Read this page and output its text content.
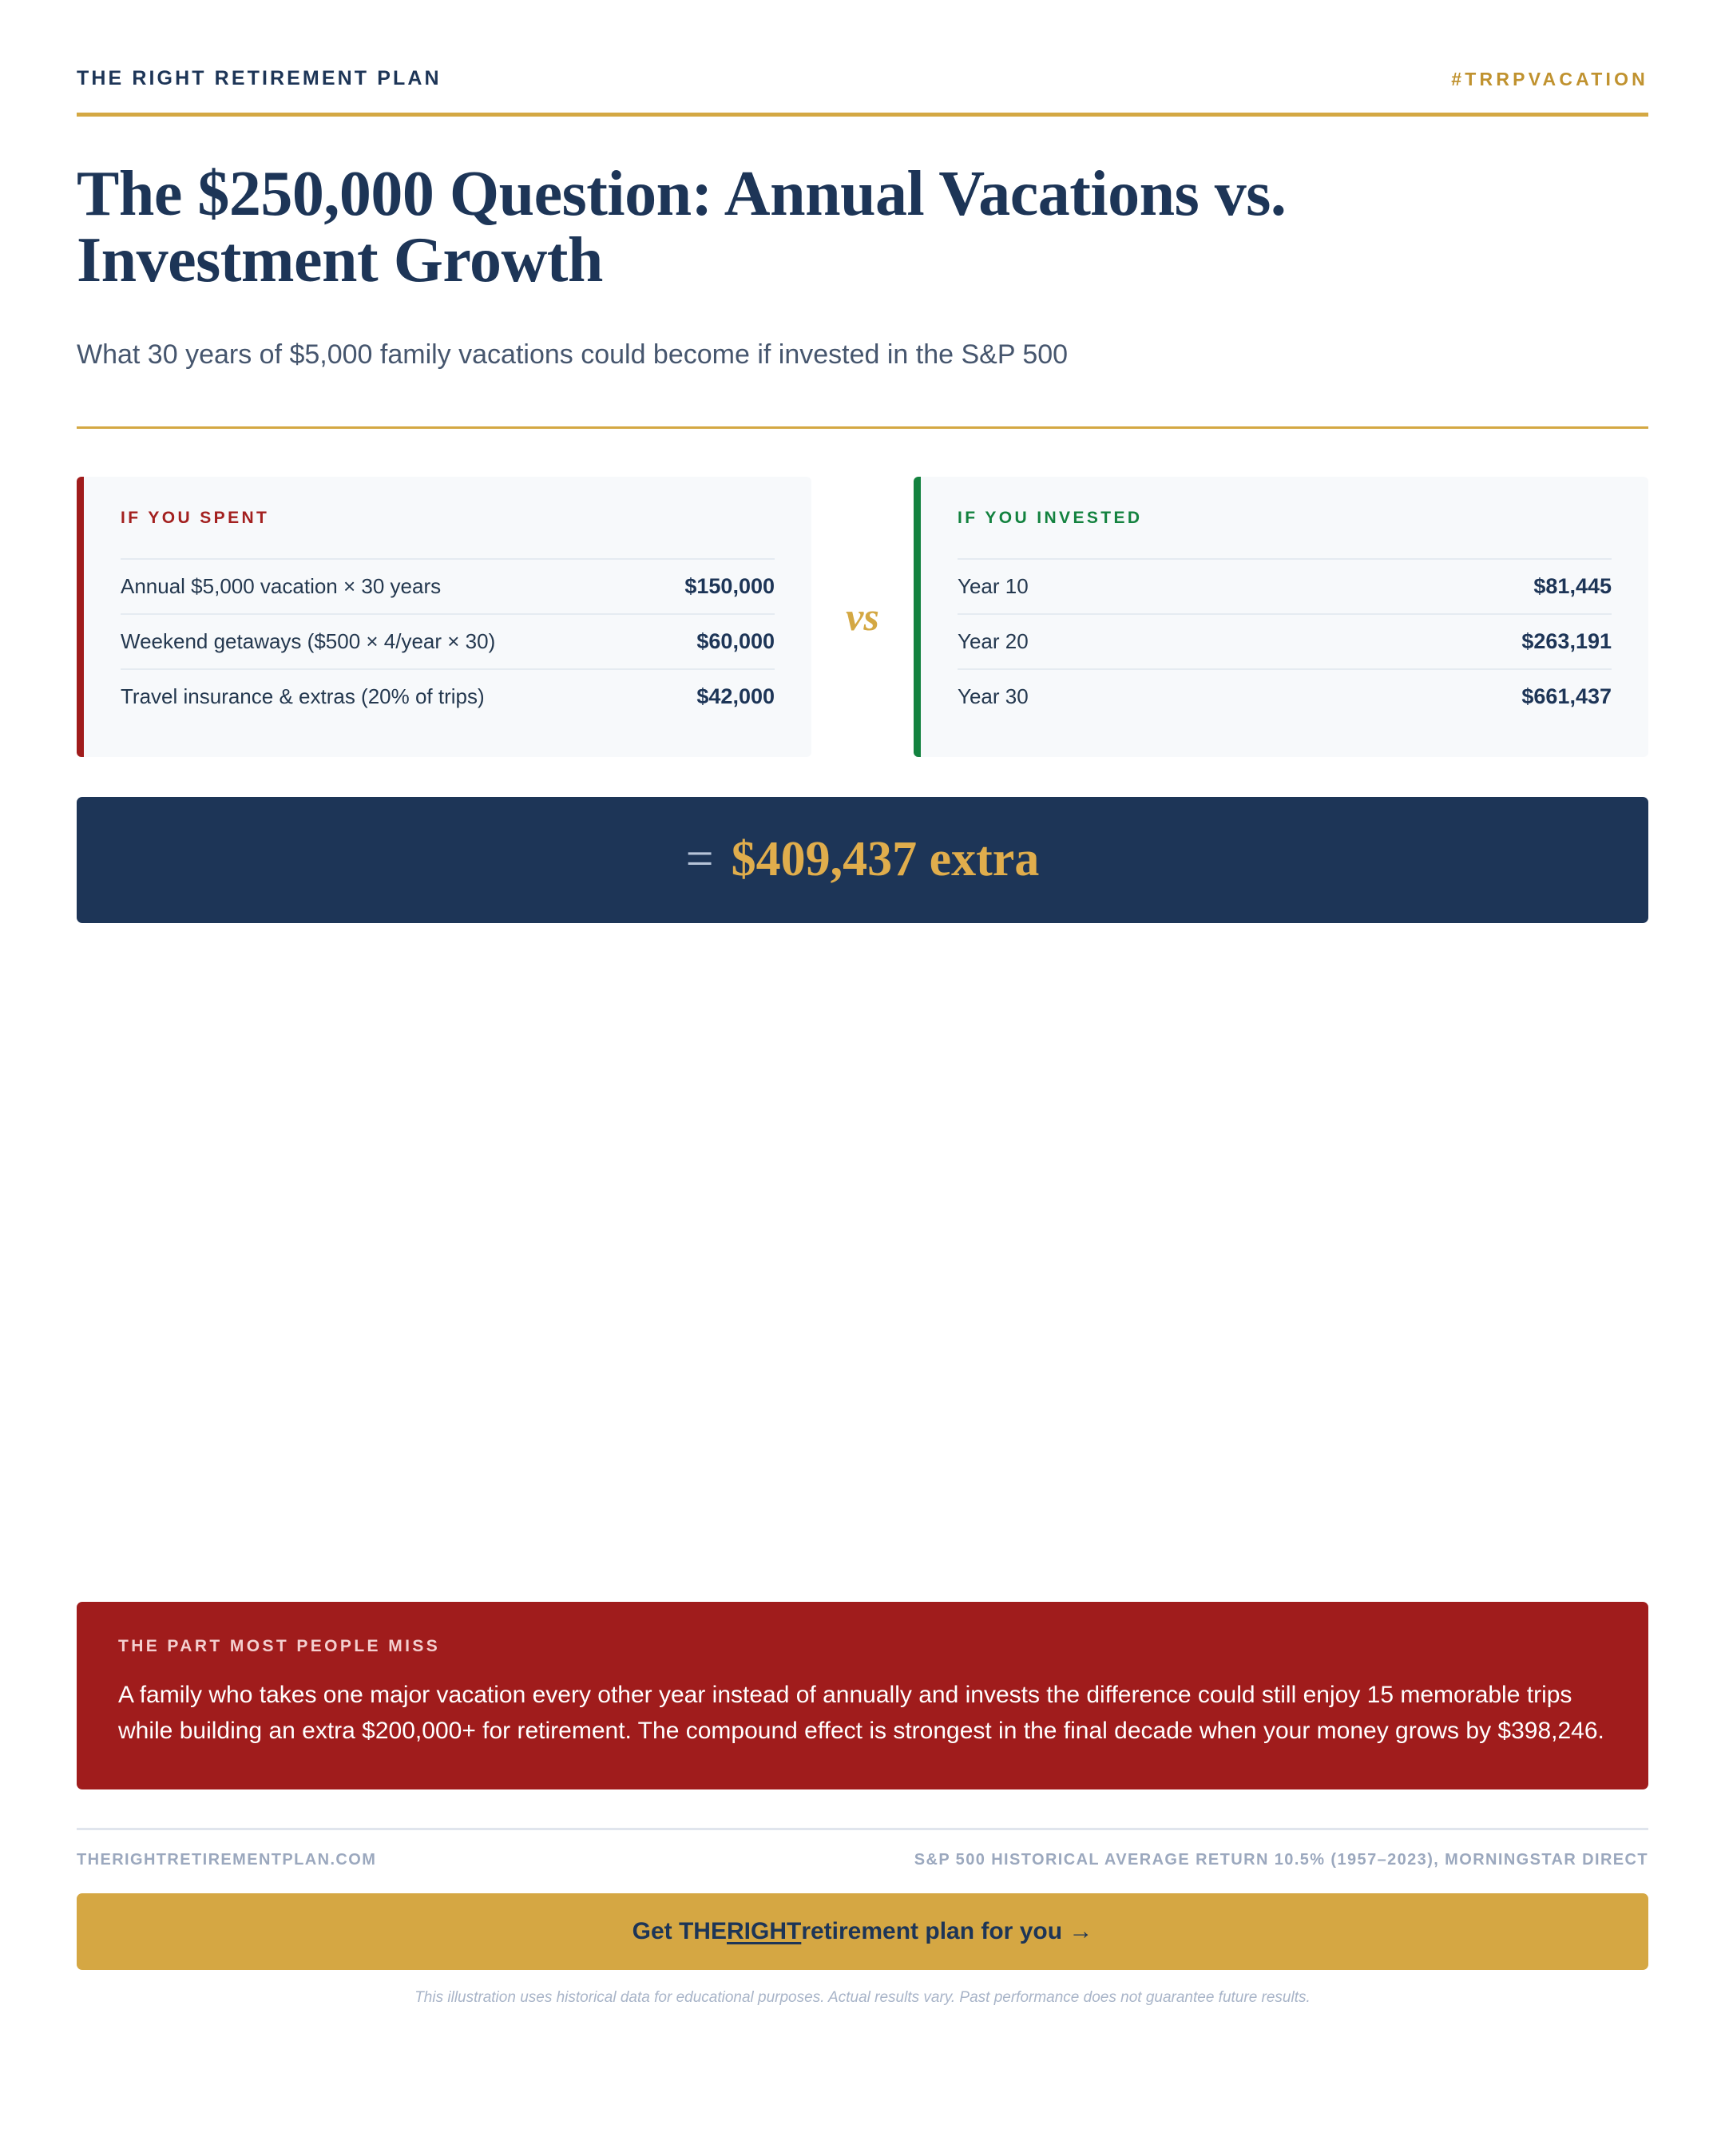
THE RIGHT RETIREMENT PLAN	#TRRPVACATION
The $250,000 Question: Annual Vacations vs. Investment Growth

What 30 years of $5,000 family vacations could become if invested in the S&P 500

IF YOU SPENT
Annual $5,000 vacation × 30 years	$150,000
Weekend getaways ($500 × 4/year × 30)	$60,000
Travel insurance & extras (20% of trips)	$42,000
vs
IF YOU INVESTED
Year 10	$81,445
Year 20	$263,191
Year 30	$661,437
= $409,437 extra
THE PART MOST PEOPLE MISS
A family who takes one major vacation every other year instead of annually and invests the difference could still enjoy 15 memorable trips while building an extra $200,000+ for retirement. The compound effect is strongest in the final decade when your money grows by $398,246.
THERIGHTRETIREMENTPLAN.COM	S&P 500 HISTORICAL AVERAGE RETURN 10.5% (1957–2023), MORNINGSTAR DIRECT
Get THE RIGHT retirement plan for you →
This illustration uses historical data for educational purposes. Actual results vary. Past performance does not guarantee future results.
